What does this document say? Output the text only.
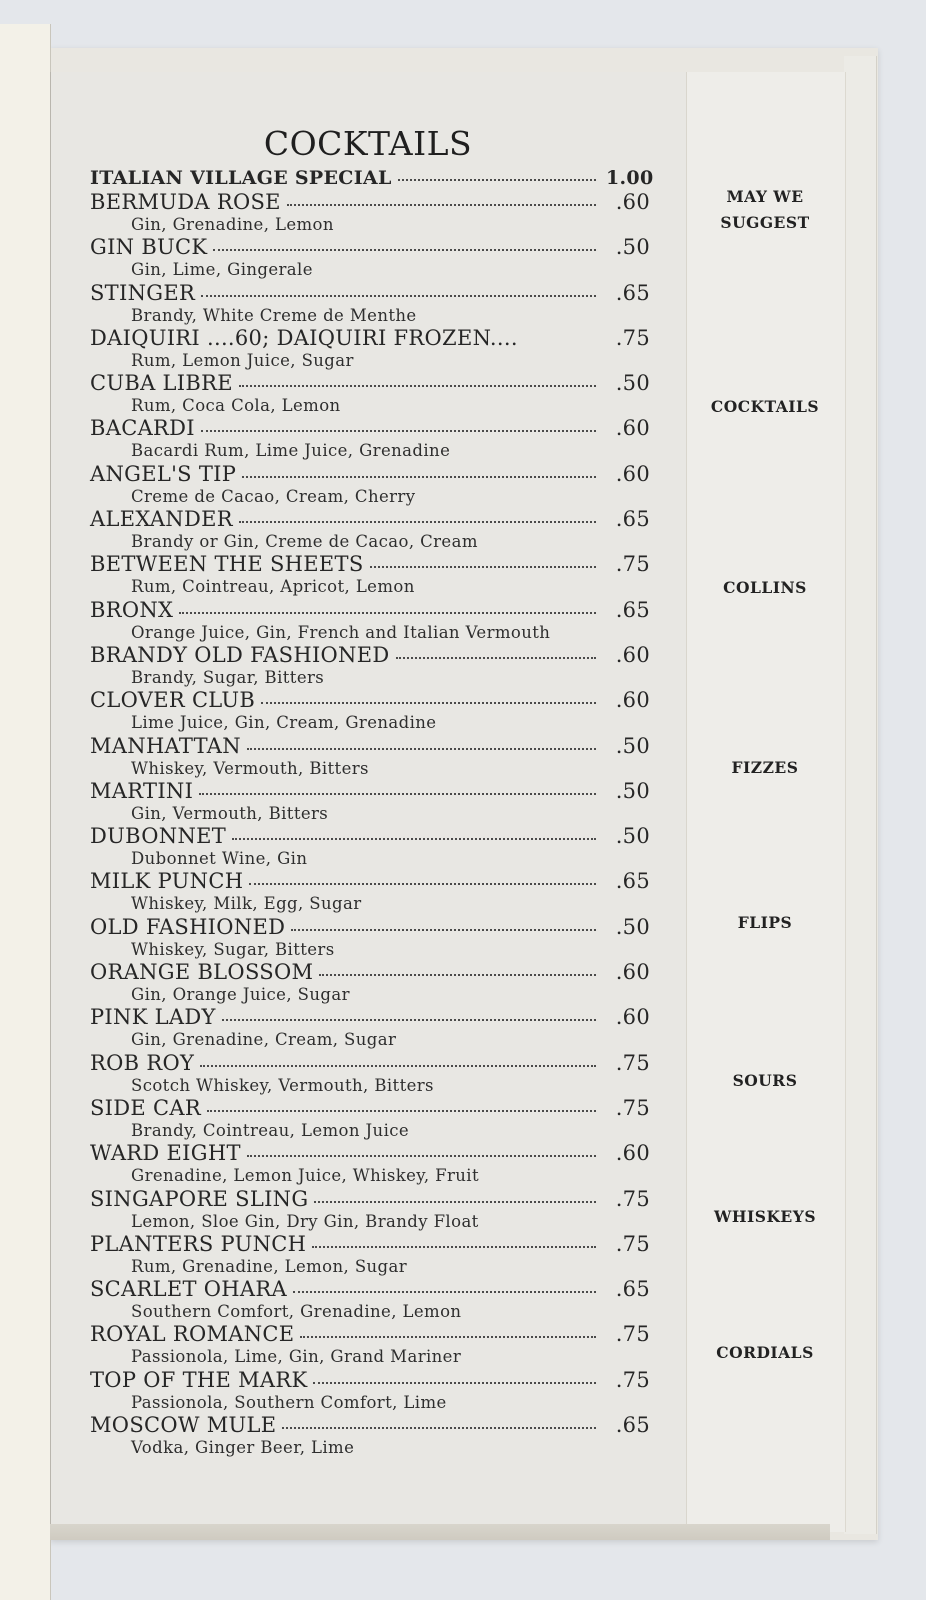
COCKTAILS
ITALIAN VILLAGE SPECIAL	1.00
BERMUDA ROSE	.60
Gin, Grenadine, Lemon
GIN BUCK	.50
Gin, Lime, Gingerale
STINGER	.65
Brandy, White Creme de Menthe
DAIQUIRI ....60; DAIQUIRI FROZEN....	.75
Rum, Lemon Juice, Sugar
CUBA LIBRE	.50
Rum, Coca Cola, Lemon
BACARDI	.60
Bacardi Rum, Lime Juice, Grenadine
ANGEL'S TIP	.60
Creme de Cacao, Cream, Cherry
ALEXANDER	.65
Brandy or Gin, Creme de Cacao, Cream
BETWEEN THE SHEETS	.75
Rum, Cointreau, Apricot, Lemon
BRONX	.65
Orange Juice, Gin, French and Italian Vermouth
BRANDY OLD FASHIONED	.60
Brandy, Sugar, Bitters
CLOVER CLUB	.60
Lime Juice, Gin, Cream, Grenadine
MANHATTAN	.50
Whiskey, Vermouth, Bitters
MARTINI	.50
Gin, Vermouth, Bitters
DUBONNET	.50
Dubonnet Wine, Gin
MILK PUNCH	.65
Whiskey, Milk, Egg, Sugar
OLD FASHIONED	.50
Whiskey, Sugar, Bitters
ORANGE BLOSSOM	.60
Gin, Orange Juice, Sugar
PINK LADY	.60
Gin, Grenadine, Cream, Sugar
ROB ROY	.75
Scotch Whiskey, Vermouth, Bitters
SIDE CAR	.75
Brandy, Cointreau, Lemon Juice
WARD EIGHT	.60
Grenadine, Lemon Juice, Whiskey, Fruit
SINGAPORE SLING	.75
Lemon, Sloe Gin, Dry Gin, Brandy Float
PLANTERS PUNCH	.75
Rum, Grenadine, Lemon, Sugar
SCARLET OHARA	.65
Southern Comfort, Grenadine, Lemon
ROYAL ROMANCE	.75
Passionola, Lime, Gin, Grand Mariner
TOP OF THE MARK	.75
Passionola, Southern Comfort, Lime
MOSCOW MULE	.65
Vodka, Ginger Beer, Lime
MAY WE
SUGGEST
COCKTAILS
COLLINS
FIZZES
FLIPS
SOURS
WHISKEYS
CORDIALS
